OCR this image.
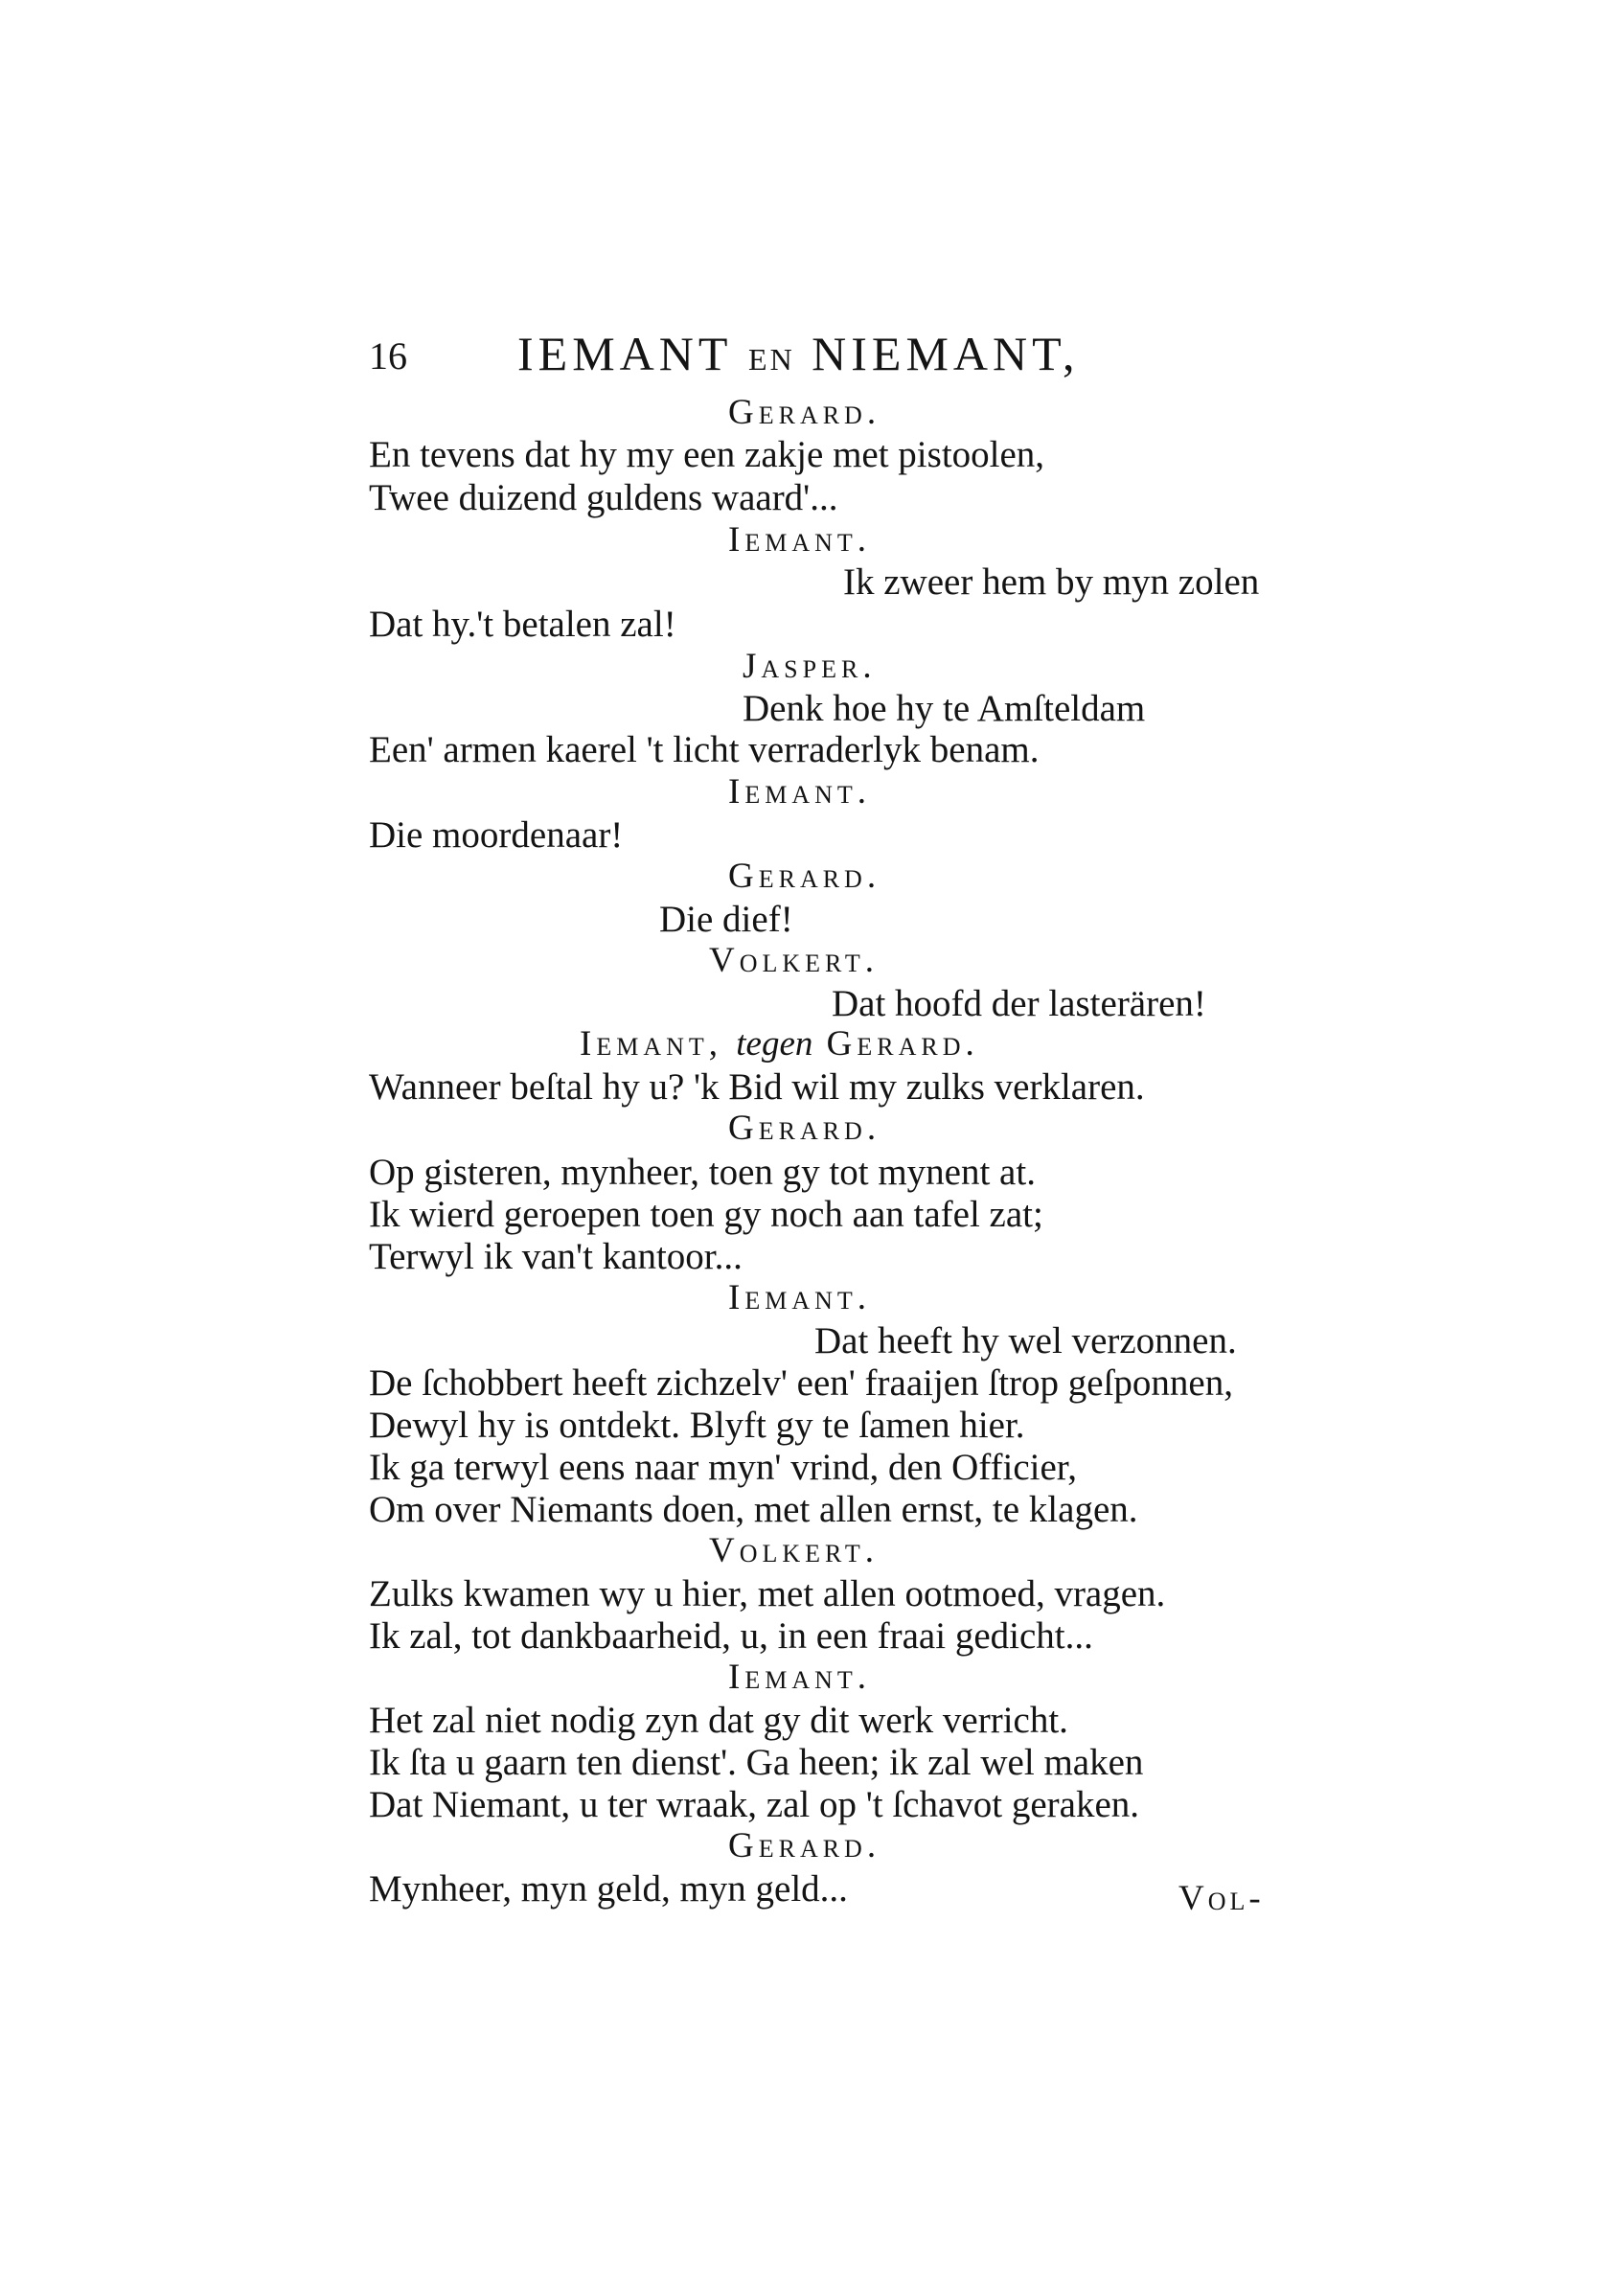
16 IEMANT EN NIEMANT,
Gerard.
En tevens dat hy my een zakje met pistoolen,
Twee duizend guldens waard'...
Iemant.
Ik zweer hem by myn zolen
Dat hy.'t betalen zal!
Jasper.
Denk hoe hy te Amſteldam
Een' armen kaerel 't licht verraderlyk benam.
Iemant.
Die moordenaar!
Gerard.
Die dief!
Volkert.
Dat hoofd der lasterären!
Iemant, tegen Gerard.
Wanneer beſtal hy u? 'k Bid wil my zulks verklaren.
Gerard.
Op gisteren, mynheer, toen gy tot mynent at.
Ik wierd geroepen toen gy noch aan tafel zat;
Terwyl ik van't kantoor...
Iemant.
Dat heeft hy wel verzonnen.
De ſchobbert heeft zichzelv' een' fraaijen ſtrop geſponnen,
Dewyl hy is ontdekt. Blyft gy te ſamen hier.
Ik ga terwyl eens naar myn' vrind, den Officier,
Om over Niemants doen, met allen ernst, te klagen.
Volkert.
Zulks kwamen wy u hier, met allen ootmoed, vragen.
Ik zal, tot dankbaarheid, u, in een fraai gedicht...
Iemant.
Het zal niet nodig zyn dat gy dit werk verricht.
Ik ſta u gaarn ten dienst'. Ga heen; ik zal wel maken
Dat Niemant, u ter wraak, zal op 't ſchavot geraken.
Gerard.
Mynheer, myn geld, myn geld...	Vol-
